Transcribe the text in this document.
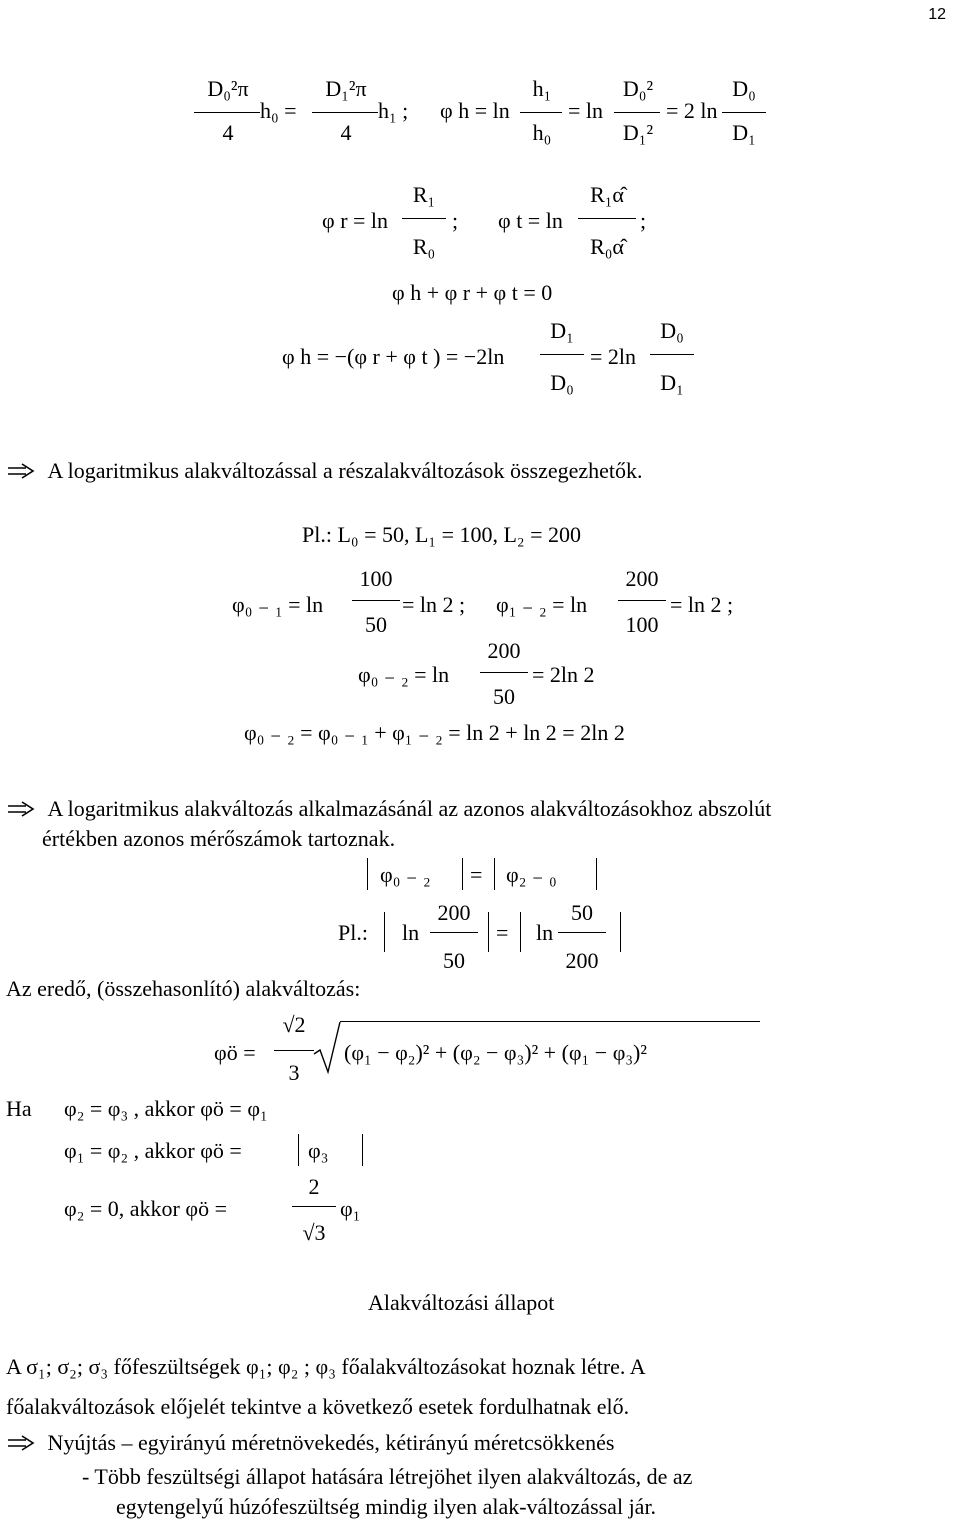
12
D₀²π
4
h₀ =
D₁²π
4
h₁ ; φ h = ln
h₁
h₀
= ln
D₀²
D₁²
= 2 ln
D₀
D₁
φ r = ln
R₁
R₀
; φ t = ln
R₁α̂
R₀α̂
;
φ h + φ r + φ t = 0
φ h = −(φ r + φ t ) = −2ln
D₁
D₀
= 2ln
D₀
D₁
A logaritmikus alakváltozással a részalakváltozások összegezhetők.
Pl.: L₀ = 50, L₁ = 100, L₂ = 200
φ₀ ₋ ₁ = ln
100
50
= ln 2 ; φ₁ ₋ ₂ = ln
200
100
= ln 2 ;
φ₀ ₋ ₂ = ln
200
50
= 2ln 2
φ₀ ₋ ₂ = φ₀ ₋ ₁ + φ₁ ₋ ₂ = ln 2 + ln 2 = 2ln 2
A logaritmikus alakváltozás alkalmazásánál az azonos alakváltozásokhoz abszolút
értékben azonos mérőszámok tartoznak.
φ₀ ₋ ₂ = φ₂ ₋ ₀
Pl.: ln
200
50
= ln
50
200
Az eredő, (összehasonlító) alakváltozás:
φö =
√2
3
(φ₁ − φ₂)² + (φ₂ − φ₃)² + (φ₁ − φ₃)²
Ha φ₂ = φ₃ , akkor φö = φ₁
φ₁ = φ₂ , akkor φö =	φ₃
φ₂ = 0, akkor φö =
2
√3
φ₁
Alakváltozási állapot
A σ₁; σ₂; σ₃ főfeszültségek φ₁; φ₂ ; φ₃ főalakváltozásokat hoznak létre. A
főalakváltozások előjelét tekintve a következő esetek fordulhatnak elő.
Nyújtás – egyirányú méretnövekedés, kétirányú méretcsökkenés
- Több feszültségi állapot hatására létrejöhet ilyen alakváltozás, de az
egytengelyű húzófeszültség mindig ilyen alak-változással jár.
